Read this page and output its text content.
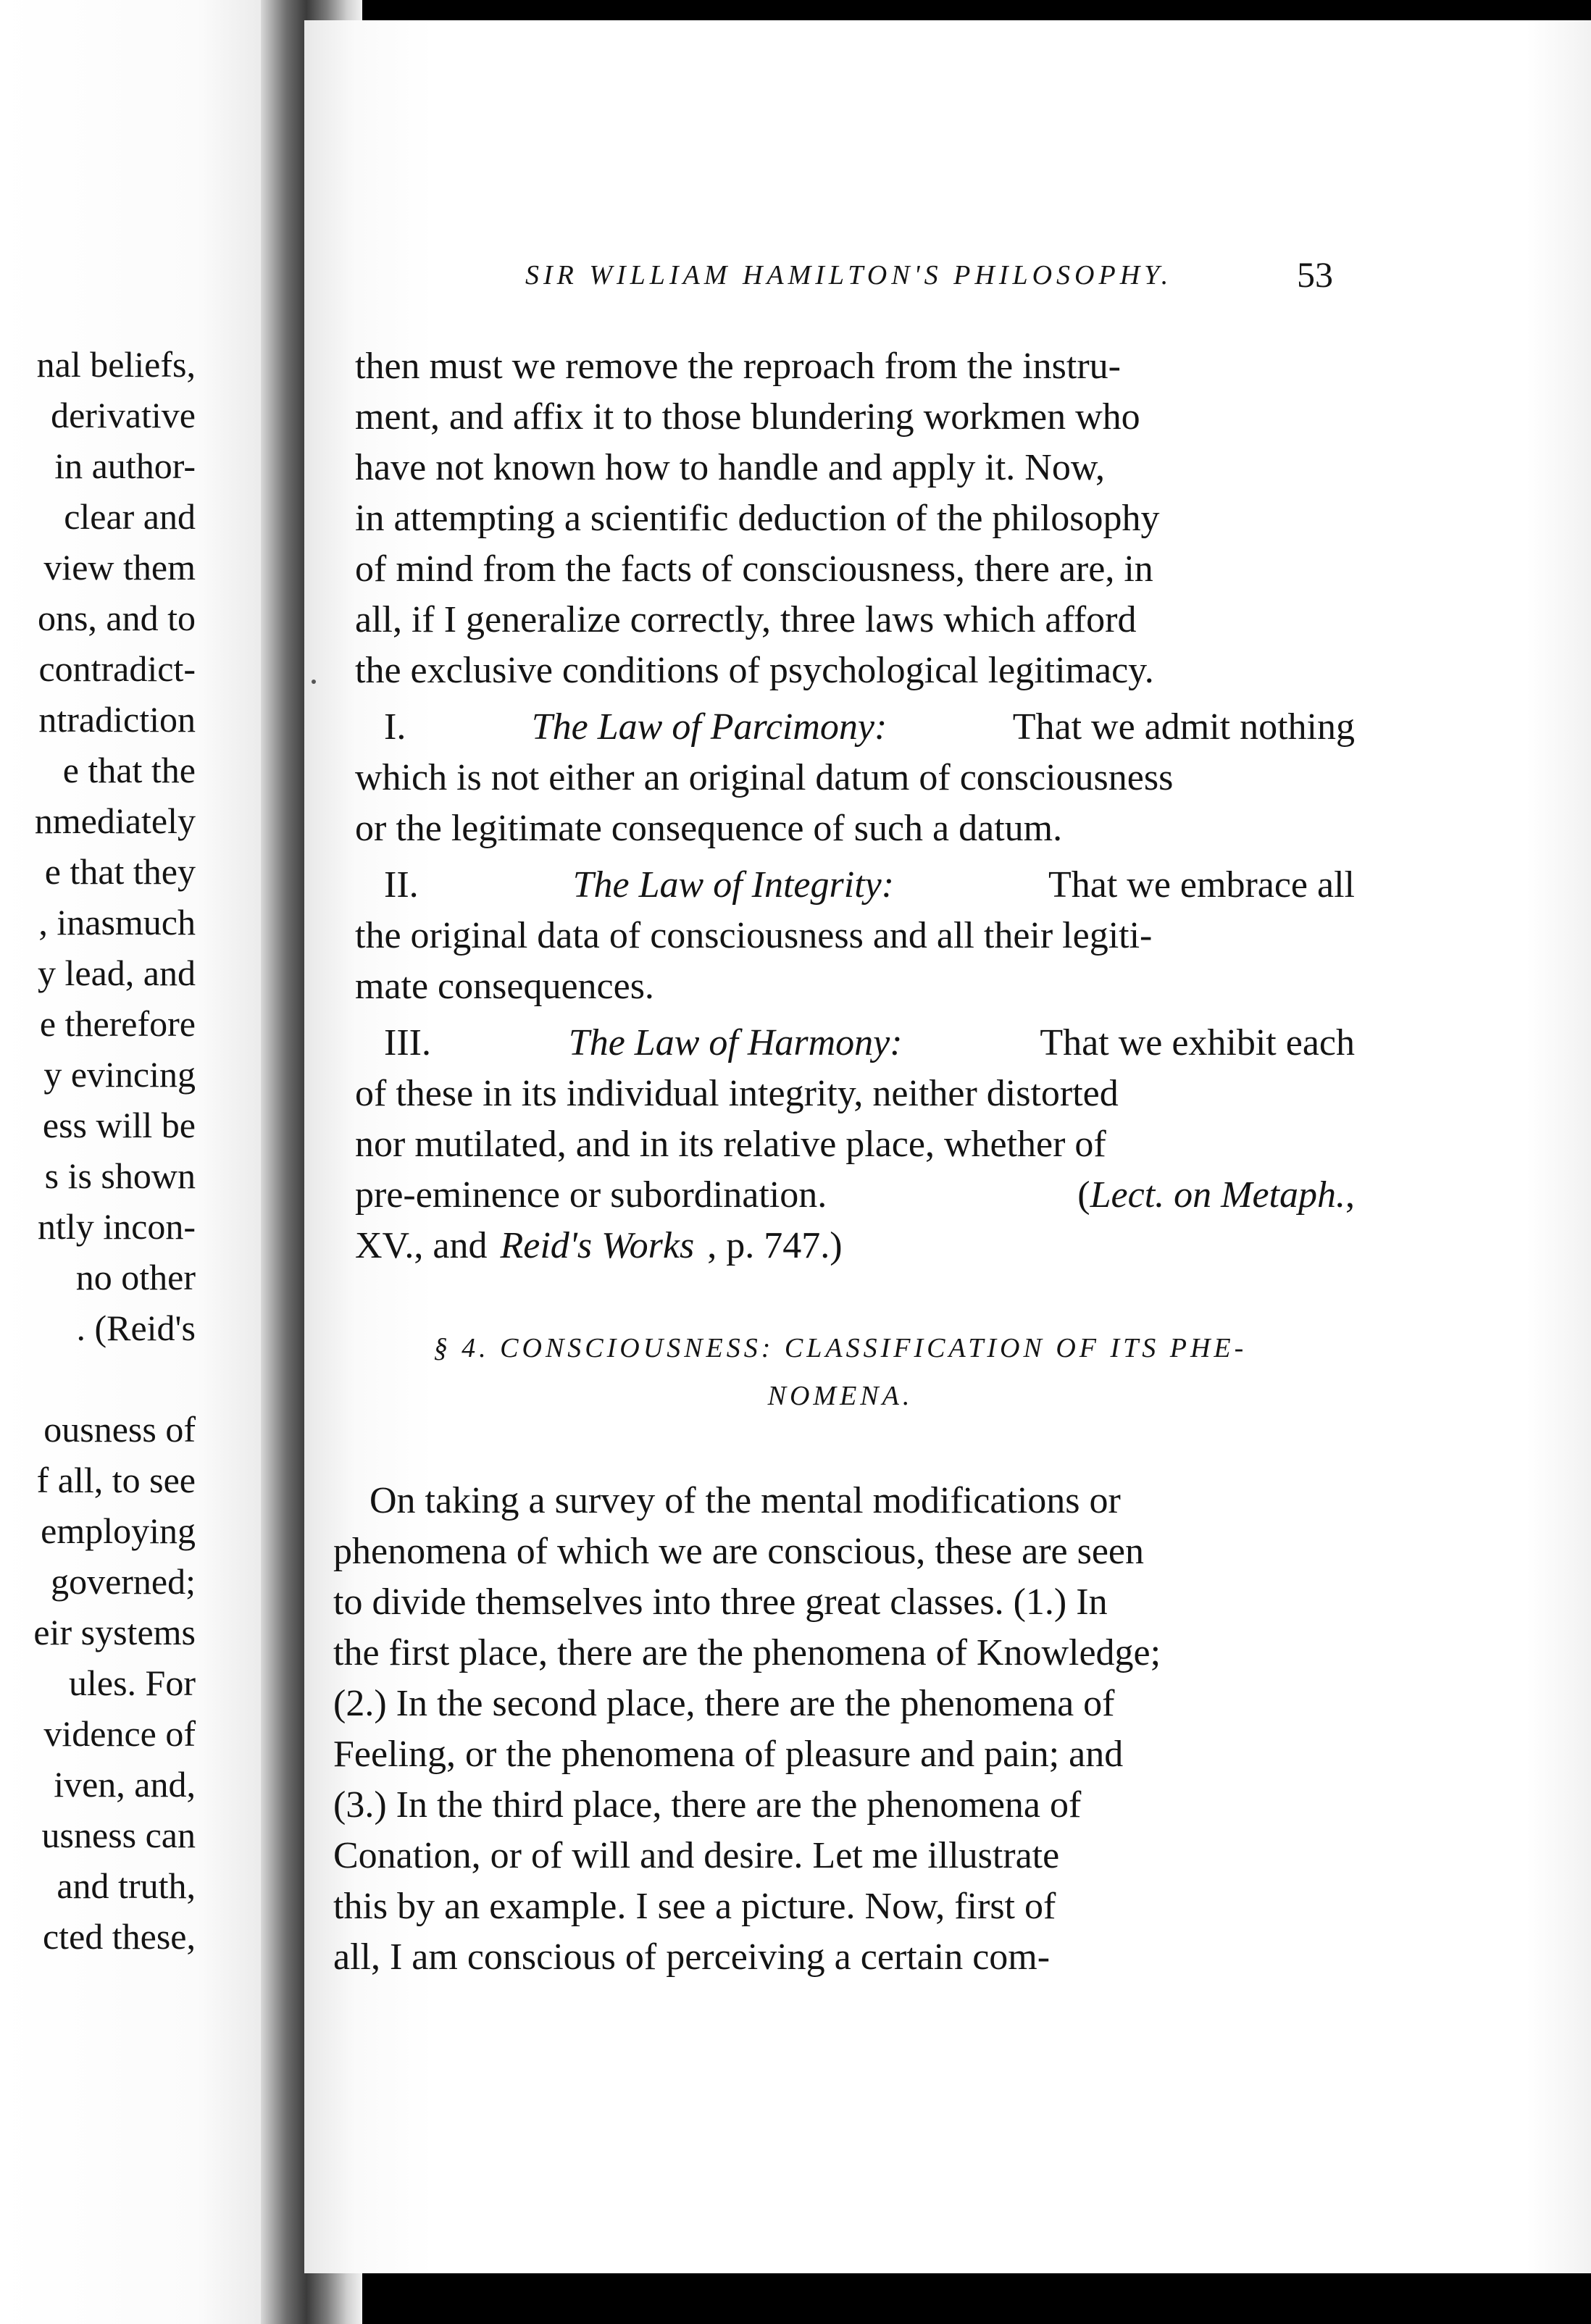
nal beliefs,
derivative
in author-
clear and
view them
ons, and to
contradict-
ntradiction
e that the
nmediately
e that they
, inasmuch
y lead, and
e therefore
y evincing
ess will be
s is shown
ntly incon-
no other
. (Reid's
ousness of
f all, to see
employing
governed;
eir systems
ules. For
vidence of
iven, and,
usness can
and truth,
cted these,
SIR WILLIAM HAMILTON'S PHILOSOPHY.	53
then must we remove the reproach from the instru-
ment, and affix it to those blundering workmen who
have not known how to handle and apply it. Now,
in attempting a scientific deduction of the philosophy
of mind from the facts of consciousness, there are, in
all, if I generalize correctly, three laws which afford
the exclusive conditions of psychological legitimacy.
I.	The Law of Parcimony:	That we admit nothing
which is not either an original datum of consciousness
or the legitimate consequence of such a datum.
II.	The Law of Integrity:	That we embrace all
the original data of consciousness and all their legiti-
mate consequences.
III.	The Law of Harmony:	That we exhibit each
of these in its individual integrity, neither distorted
nor mutilated, and in its relative place, whether of
pre-eminence or subordination.	(Lect. on Metaph.,
XV., and Reid's Works , p. 747.)
§ 4. CONSCIOUSNESS: CLASSIFICATION OF ITS PHE-
NOMENA.
On taking a survey of the mental modifications or
phenomena of which we are conscious, these are seen
to divide themselves into three great classes. (1.) In
the first place, there are the phenomena of Knowledge;
(2.) In the second place, there are the phenomena of
Feeling, or the phenomena of pleasure and pain; and
(3.) In the third place, there are the phenomena of
Conation, or of will and desire. Let me illustrate
this by an example. I see a picture. Now, first of
all, I am conscious of perceiving a certain com-
